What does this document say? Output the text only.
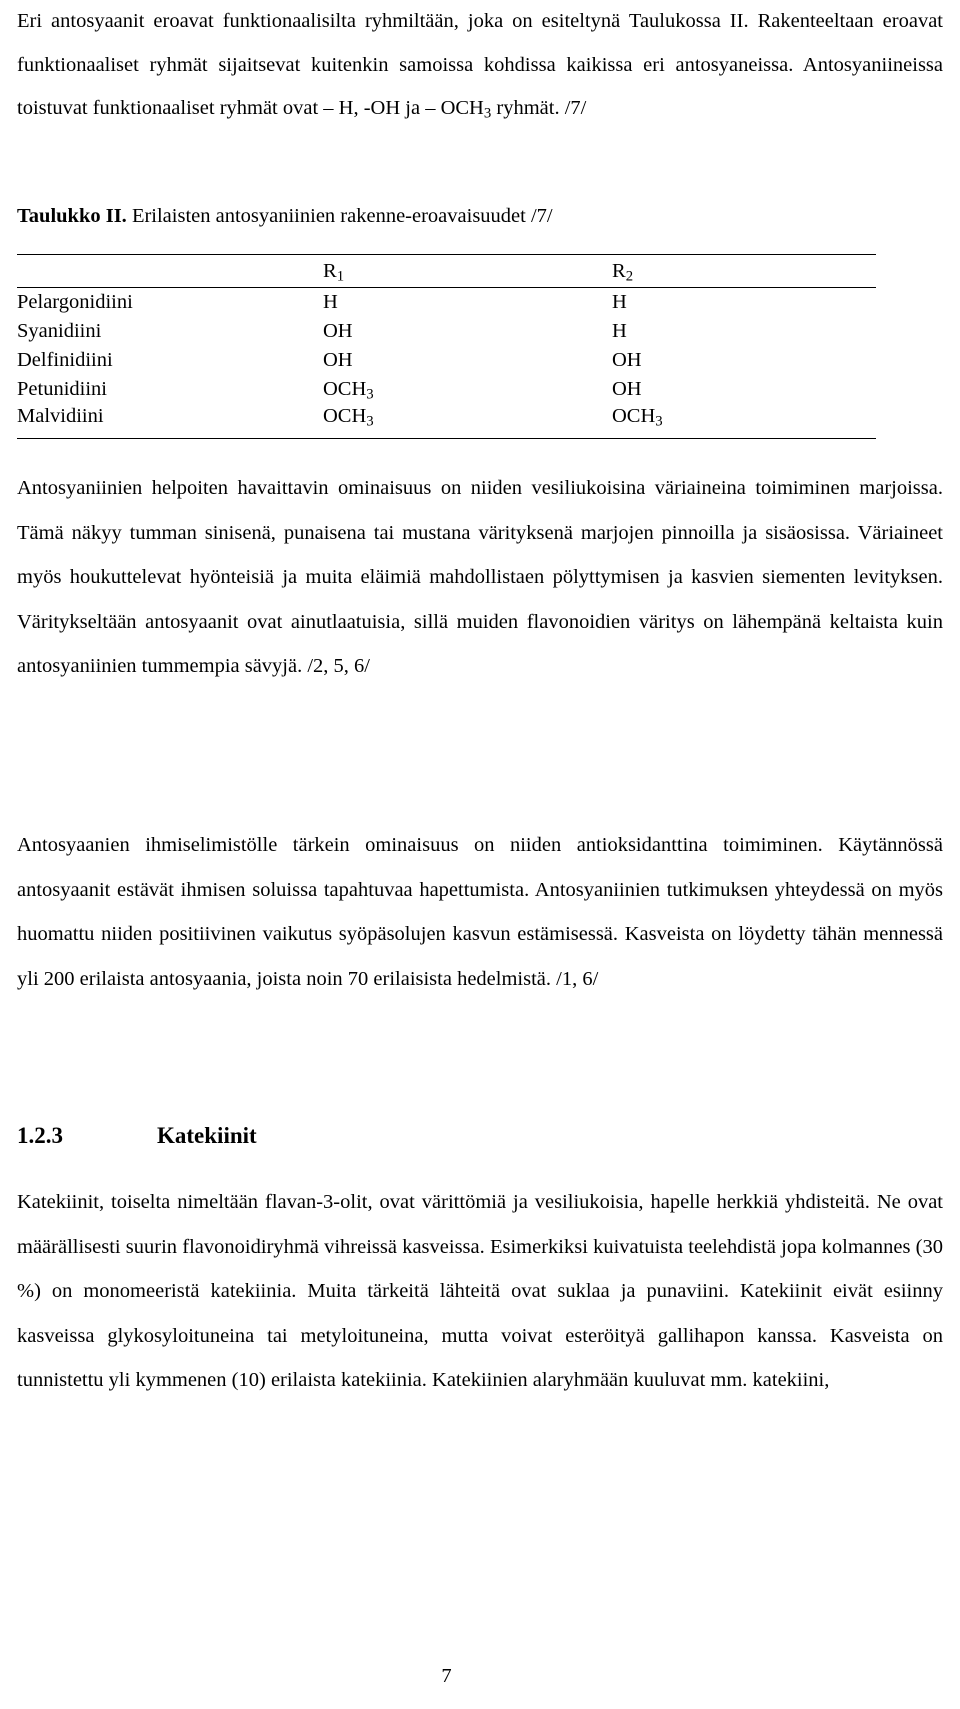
Eri antosyaanit eroavat funktionaalisilta ryhmiltään, joka on esiteltynä Taulukossa II. Rakenteeltaan eroavat funktionaaliset ryhmät sijaitsevat kuitenkin samoissa kohdissa kaikissa eri antosyaneissa. Antosyaniineissa toistuvat funktionaaliset ryhmät ovat – H, -OH ja – $OCH_3$ ryhmät. /7/

Taulukko II. Erilaisten antosyaniinien rakenne-eroavaisuudet /7/

	$R_1$	$R_2$
Pelargonidiini	H	H
Syanidiini	OH	H
Delfinidiini	OH	OH
Petunidiini	$OCH_3$	OH
Malvidiini	$OCH_3$	$OCH_3$

Antosyaniinien helpoiten havaittavin ominaisuus on niiden vesiliukoisina väriaineina toimiminen marjoissa. Tämä näkyy tumman sinisenä, punaisena tai mustana värityksenä marjojen pinnoilla ja sisäosissa. Väriaineet myös houkuttelevat hyönteisiä ja muita eläimiä mahdollistaen pölyttymisen ja kasvien siementen levityksen. Väritykseltään antosyaanit ovat ainutlaatuisia, sillä muiden flavonoidien väritys on lähempänä keltaista kuin antosyaniinien tummempia sävyjä. /2, 5, 6/

Antosyaanien ihmiselimistölle tärkein ominaisuus on niiden antioksidanttina toimiminen. Käytännössä antosyaanit estävät ihmisen soluissa tapahtuvaa hapettumista. Antosyaniinien tutkimuksen yhteydessä on myös huomattu niiden positiivinen vaikutus syöpäsolujen kasvun estämisessä. Kasveista on löydetty tähän mennessä yli 200 erilaista antosyaania, joista noin 70 erilaisista hedelmistä. /1, 6/

1.2.3	Katekiinit

Katekiinit, toiselta nimeltään flavan-3-olit, ovat värittömiä ja vesiliukoisia, hapelle herkkiä yhdisteitä. Ne ovat määrällisesti suurin flavonoidiryhmä vihreissä kasveissa. Esimerkiksi kuivatuista teelehdistä jopa kolmannes (30 %) on monomeeristä katekiinia. Muita tärkeitä lähteitä ovat suklaa ja punaviini. Katekiinit eivät esiinny kasveissa glykosyloituneina tai metyloituneina, mutta voivat esteröityä gallihapon kanssa. Kasveista on tunnistettu yli kymmenen (10) erilaista katekiinia. Katekiinien alaryhmään kuuluvat mm. katekiini,

7
